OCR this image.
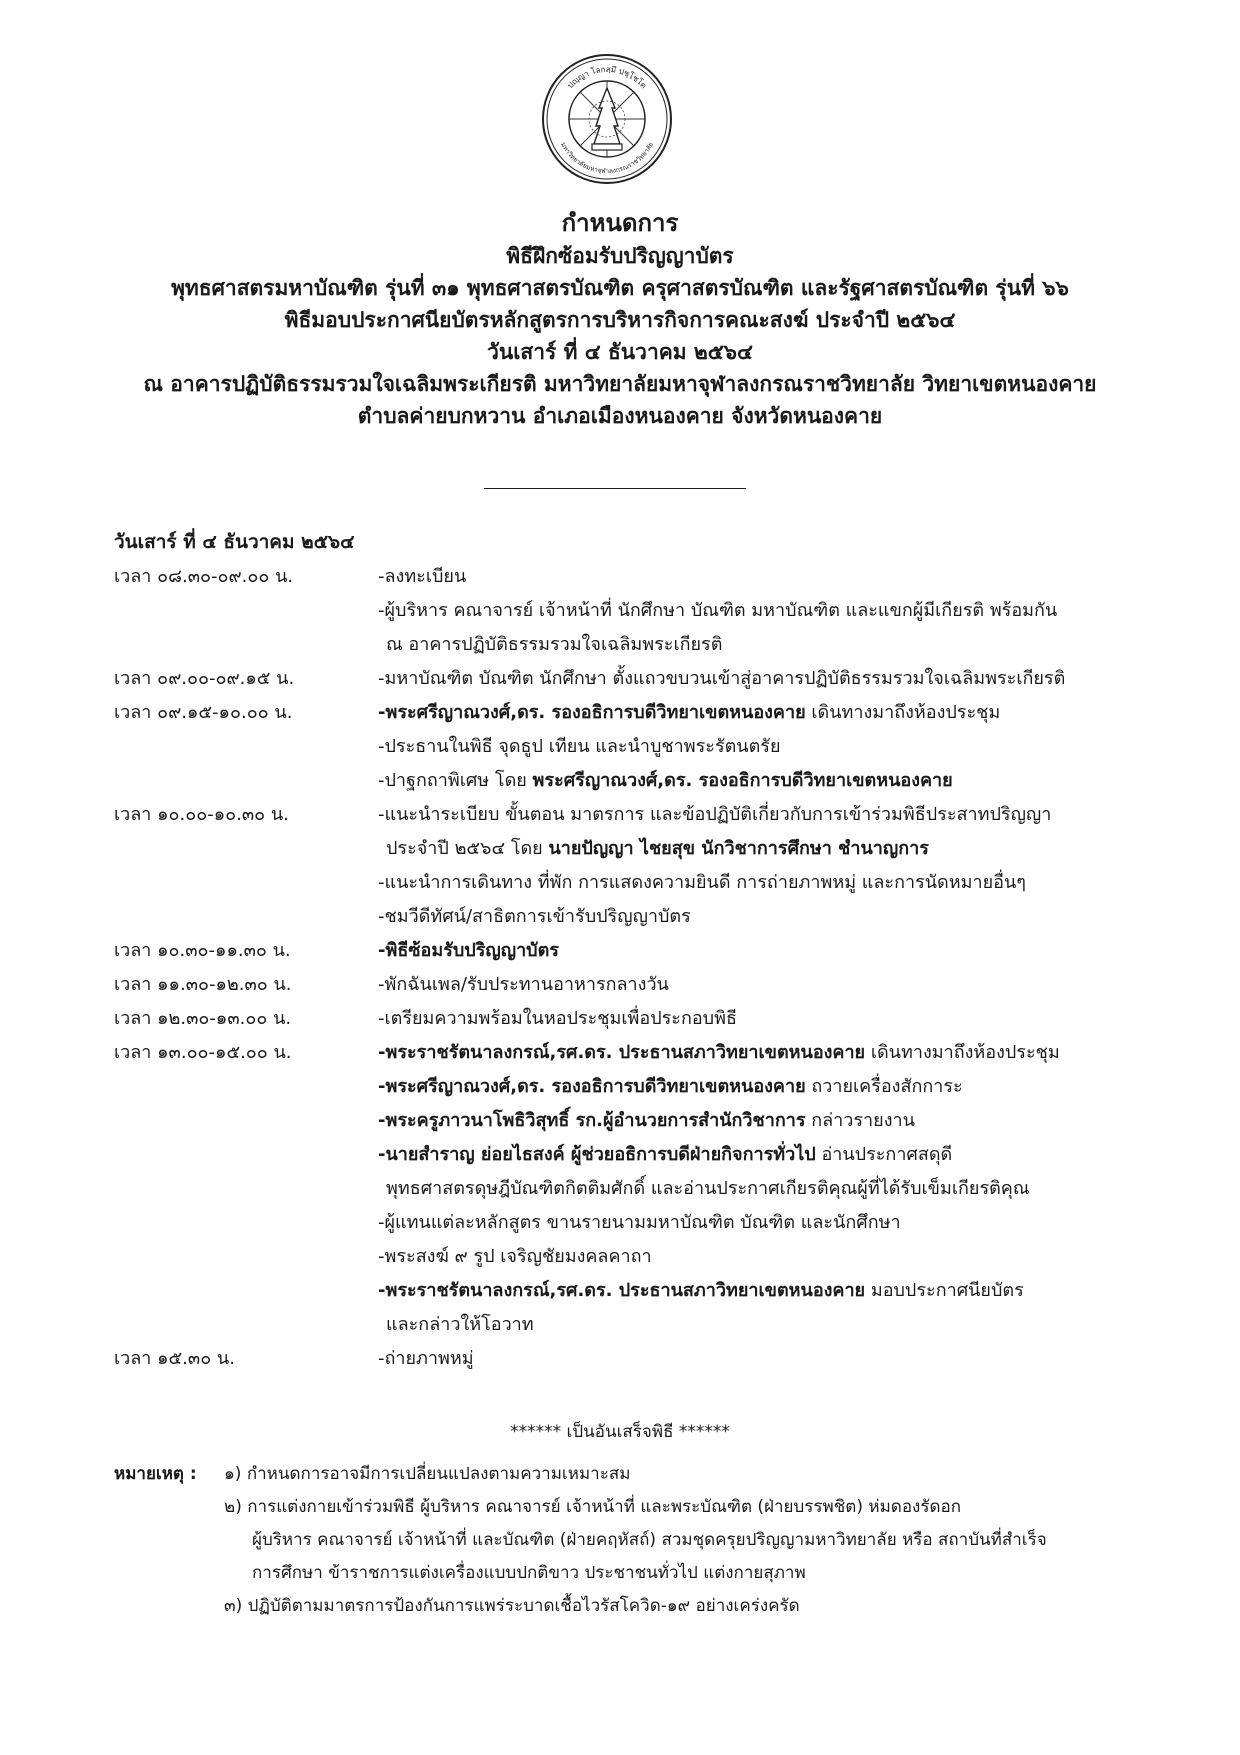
ปญฺญา โลกสฺมึ ปชฺโชโต
มหาวิทยาลัยมหาจุฬาลงกรณราชวิทยาลัย
กำหนดการ
พิธีฝึกซ้อมรับปริญญาบัตร
พุทธศาสตรมหาบัณฑิต รุ่นที่ ๓๑ พุทธศาสตรบัณฑิต ครุศาสตรบัณฑิต และรัฐศาสตรบัณฑิต รุ่นที่ ๖๖
พิธีมอบประกาศนียบัตรหลักสูตรการบริหารกิจการคณะสงฆ์ ประจำปี ๒๕๖๔
วันเสาร์ ที่ ๔ ธันวาคม ๒๕๖๔
ณ อาคารปฏิบัติธรรมรวมใจเฉลิมพระเกียรติ มหาวิทยาลัยมหาจุฬาลงกรณราชวิทยาลัย วิทยาเขตหนองคาย
ตำบลค่ายบกหวาน อำเภอเมืองหนองคาย จังหวัดหนองคาย
วันเสาร์ ที่ ๔ ธันวาคม ๒๕๖๔
เวลา ๐๘.๓๐-๐๙.๐๐ น.	-ลงทะเบียน
-ผู้บริหาร คณาจารย์ เจ้าหน้าที่ นักศึกษา บัณฑิต มหาบัณฑิต และแขกผู้มีเกียรติ พร้อมกัน
ณ อาคารปฏิบัติธรรมรวมใจเฉลิมพระเกียรติ
เวลา ๐๙.๐๐-๐๙.๑๕ น.	-มหาบัณฑิต บัณฑิต นักศึกษา ตั้งแถวขบวนเข้าสู่อาคารปฏิบัติธรรมรวมใจเฉลิมพระเกียรติ
เวลา ๐๙.๑๕-๑๐.๐๐ น.	-พระศรีญาณวงศ์,ดร. รองอธิการบดีวิทยาเขตหนองคาย เดินทางมาถึงห้องประชุม
-ประธานในพิธี จุดธูป เทียน และนำบูชาพระรัตนตรัย
-ปาฐกถาพิเศษ โดย พระศรีญาณวงศ์,ดร. รองอธิการบดีวิทยาเขตหนองคาย
เวลา ๑๐.๐๐-๑๐.๓๐ น.	-แนะนำระเบียบ ขั้นตอน มาตรการ และข้อปฏิบัติเกี่ยวกับการเข้าร่วมพิธีประสาทปริญญา
ประจำปี ๒๕๖๔ โดย นายปัญญา ไชยสุข นักวิชาการศึกษา ชำนาญการ
-แนะนำการเดินทาง ที่พัก การแสดงความยินดี การถ่ายภาพหมู่ และการนัดหมายอื่นๆ
-ชมวีดีทัศน์/สาธิตการเข้ารับปริญญาบัตร
เวลา ๑๐.๓๐-๑๑.๓๐ น.	-พิธีซ้อมรับปริญญาบัตร
เวลา ๑๑.๓๐-๑๒.๓๐ น.	-พักฉันเพล/รับประทานอาหารกลางวัน
เวลา ๑๒.๓๐-๑๓.๐๐ น.	-เตรียมความพร้อมในหอประชุมเพื่อประกอบพิธี
เวลา ๑๓.๐๐-๑๕.๐๐ น.	-พระราชรัตนาลงกรณ์,รศ.ดร. ประธานสภาวิทยาเขตหนองคาย เดินทางมาถึงห้องประชุม
-พระศรีญาณวงศ์,ดร. รองอธิการบดีวิทยาเขตหนองคาย ถวายเครื่องสักการะ
-พระครูภาวนาโพธิวิสุทธิ์ รก.ผู้อำนวยการสำนักวิชาการ กล่าวรายงาน
-นายสำราญ ย่อยไธสงค์ ผู้ช่วยอธิการบดีฝ่ายกิจการทั่วไป อ่านประกาศสดุดี
พุทธศาสตรดุษฎีบัณฑิตกิตติมศักดิ์ และอ่านประกาศเกียรติคุณผู้ที่ได้รับเข็มเกียรติคุณ
-ผู้แทนแต่ละหลักสูตร ขานรายนามมหาบัณฑิต บัณฑิต และนักศึกษา
-พระสงฆ์ ๙ รูป เจริญชัยมงคลคาถา
-พระราชรัตนาลงกรณ์,รศ.ดร. ประธานสภาวิทยาเขตหนองคาย มอบประกาศนียบัตร
และกล่าวให้โอวาท
เวลา ๑๕.๓๐ น.	-ถ่ายภาพหมู่
****** เป็นอันเสร็จพิธี ******
หมายเหตุ :	๑) กำหนดการอาจมีการเปลี่ยนแปลงตามความเหมาะสม
๒) การแต่งกายเข้าร่วมพิธี ผู้บริหาร คณาจารย์ เจ้าหน้าที่ และพระบัณฑิต (ฝ่ายบรรพชิต) ห่มดองรัดอก
ผู้บริหาร คณาจารย์ เจ้าหน้าที่ และบัณฑิต (ฝ่ายคฤหัสถ์) สวมชุดครุยปริญญามหาวิทยาลัย หรือ สถาบันที่สำเร็จ
การศึกษา ข้าราชการแต่งเครื่องแบบปกติขาว ประชาชนทั่วไป แต่งกายสุภาพ
๓) ปฏิบัติตามมาตรการป้องกันการแพร่ระบาดเชื้อไวรัสโควิด-๑๙ อย่างเคร่งครัด
